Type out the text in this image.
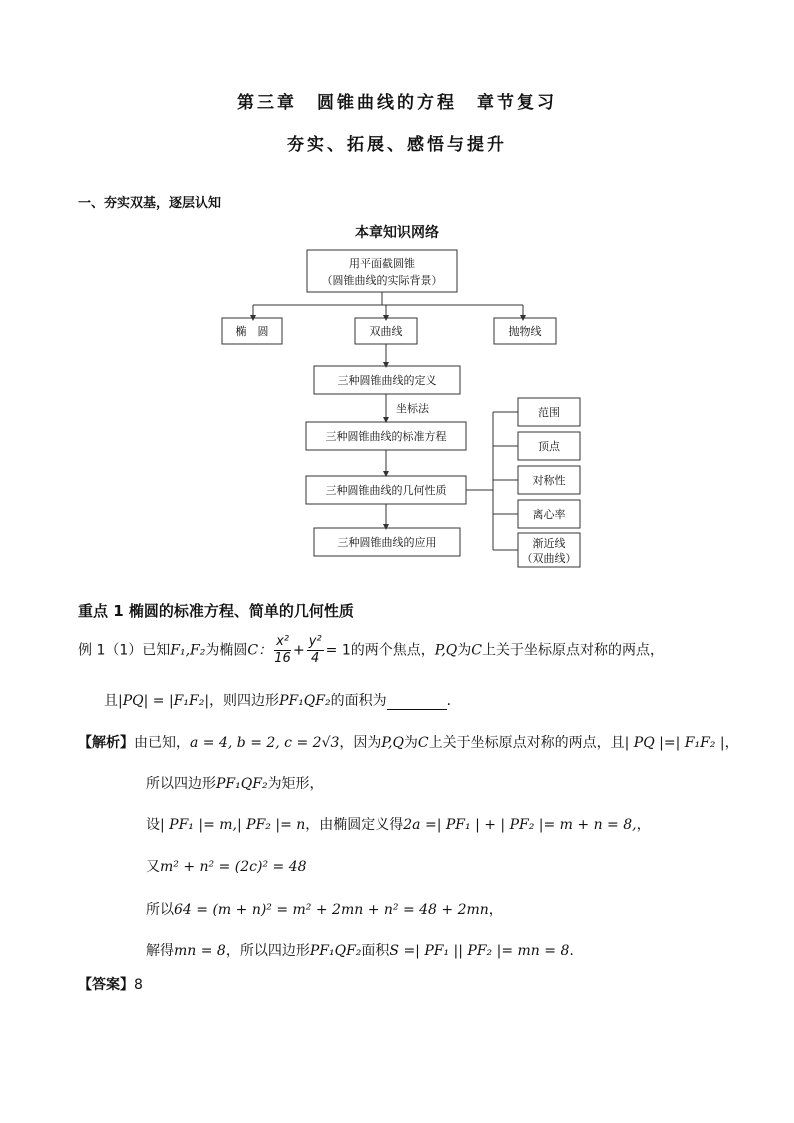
第三章　圆锥曲线的方程　章节复习
夯实、拓展、感悟与提升
一、夯实双基，逐层认知
本章知识网络
用平面截圆锥
（圆锥曲线的实际背景）
椭　圆	双曲线	抛物线
三种圆锥曲线的定义
坐标法
三种圆锥曲线的标准方程
三种圆锥曲线的几何性质
三种圆锥曲线的应用
范围
顶点
对称性
离心率
渐近线
（双曲线）
重点 1 椭圆的标准方程、简单的几何性质
例 1（1）已知F₁,F₂为椭圆C： $\frac{\text{x²}}{16} + \frac{\text{y²}}{4} = 1$的两个焦点，P,Q为C上关于坐标原点对称的两点，
且|PQ| = |F₁F₂|，则四边形PF₁QF₂的面积为	．
【解析】由已知，a = 4, b = 2, c = 2√3，因为P,Q为C上关于坐标原点对称的两点，且| PQ |=| F₁F₂ |，
所以四边形PF₁QF₂为矩形，
设| PF₁ |= m,| PF₂ |= n，由椭圆定义得2a =| PF₁ | + | PF₂ |= m + n = 8,，
又m² + n² = (2c)² = 48
所以64 = (m + n)² = m² + 2mn + n² = 48 + 2mn，
解得mn = 8，所以四边形PF₁QF₂面积S =| PF₁ || PF₂ |= mn = 8.
【答案】8
